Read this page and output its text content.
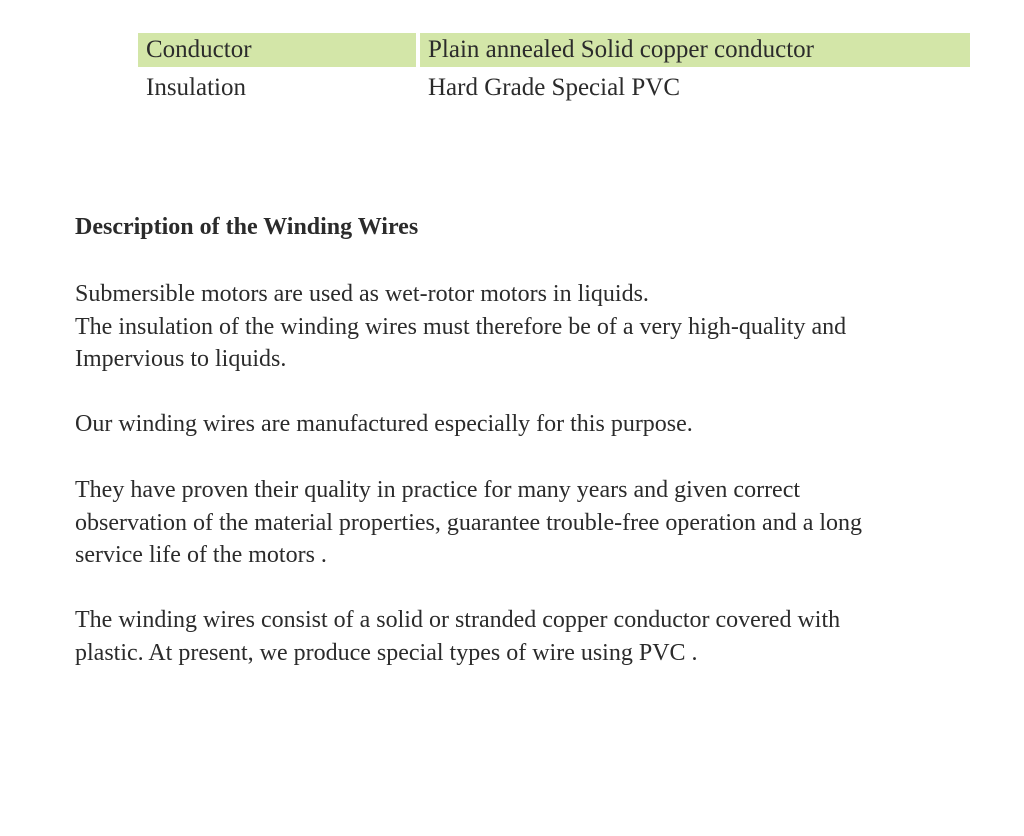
Conductor	Plain annealed Solid copper conductor
Insulation	Hard Grade Special PVC
Description of the Winding Wires

Submersible motors are used as wet-rotor motors in liquids.
The insulation of the winding wires must therefore be of a very high-quality and
Impervious to liquids.

Our winding wires are manufactured especially for this purpose.

They have proven their quality in practice for many years and given correct
observation of the material properties, guarantee trouble-free operation and a long
service life of the motors .

The winding wires consist of a solid or stranded copper conductor covered with
plastic. At present, we produce special types of wire using PVC .
